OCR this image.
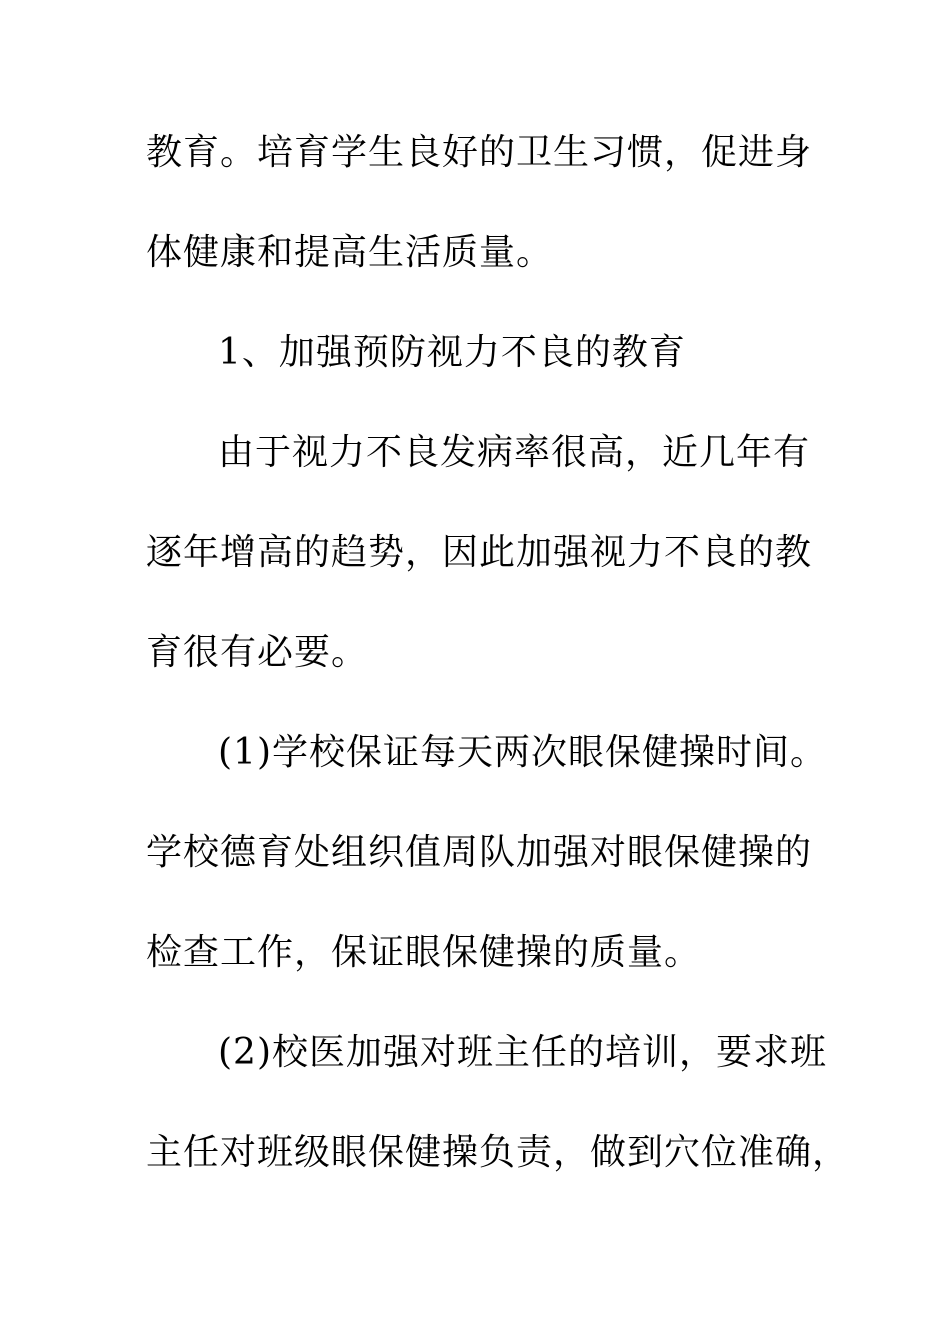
教育。培育学生良好的卫生习惯，促进身
体健康和提高生活质量。
1、加强预防视力不良的教育
由于视力不良发病率很高，近几年有
逐年增高的趋势，因此加强视力不良的教
育很有必要。
(1)学校保证每天两次眼保健操时间。
学校德育处组织值周队加强对眼保健操的
检查工作，保证眼保健操的质量。
(2)校医加强对班主任的培训，要求班
主任对班级眼保健操负责，做到穴位准确，
